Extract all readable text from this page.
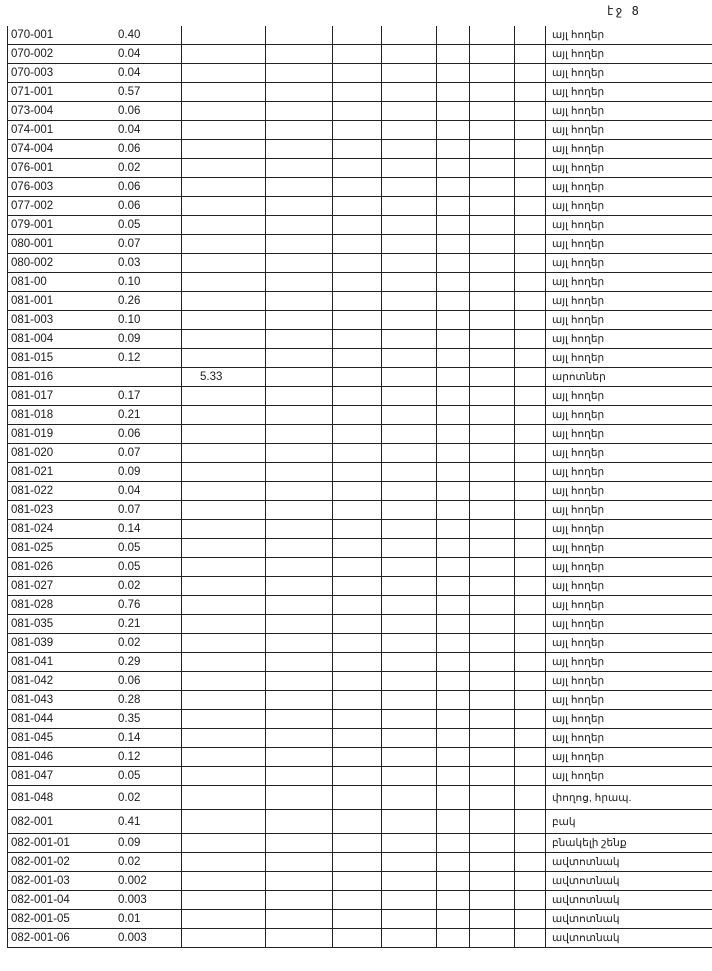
էջ 8
070-001	0.40								այլ հողեր
070-002	0.04								այլ հողեր
070-003	0.04								այլ հողեր
071-001	0.57								այլ հողեր
073-004	0.06								այլ հողեր
074-001	0.04								այլ հողեր
074-004	0.06								այլ հողեր
076-001	0.02								այլ հողեր
076-003	0.06								այլ հողեր
077-002	0.06								այլ հողեր
079-001	0.05								այլ հողեր
080-001	0.07								այլ հողեր
080-002	0.03								այլ հողեր
081-00	0.10								այլ հողեր
081-001	0.26								այլ հողեր
081-003	0.10								այլ հողեր
081-004	0.09								այլ հողեր
081-015	0.12								այլ հողեր
081-016		5.33							արոտներ
081-017	0.17								այլ հողեր
081-018	0.21								այլ հողեր
081-019	0.06								այլ հողեր
081-020	0.07								այլ հողեր
081-021	0.09								այլ հողեր
081-022	0.04								այլ հողեր
081-023	0.07								այլ հողեր
081-024	0.14								այլ հողեր
081-025	0.05								այլ հողեր
081-026	0.05								այլ հողեր
081-027	0.02								այլ հողեր
081-028	0.76								այլ հողեր
081-035	0.21								այլ հողեր
081-039	0.02								այլ հողեր
081-041	0.29								այլ հողեր
081-042	0.06								այլ հողեր
081-043	0.28								այլ հողեր
081-044	0.35								այլ հողեր
081-045	0.14								այլ հողեր
081-046	0.12								այլ հողեր
081-047	0.05								այլ հողեր
081-048	0.02								փողոց, հրապ.
082-001	0.41								բակ
082-001-01	0.09								բնակելի շենք
082-001-02	0.02								ավտոտնակ
082-001-03	0.002								ավտոտնակ
082-001-04	0.003								ավտոտնակ
082-001-05	0.01								ավտոտնակ
082-001-06	0.003								ավտոտնակ
